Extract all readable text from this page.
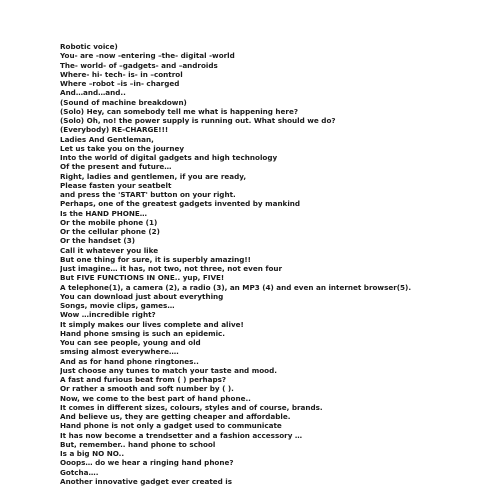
Robotic voice)
You- are -now -entering –the- digital -world
The- world- of –gadgets- and –androids
Where- hi- tech- is- in –control
Where –robot –is –in- charged
And…and…and..
(Sound of machine breakdown)
(Solo) Hey, can somebody tell me what is happening here?
(Solo) Oh, no! the power supply is running out. What should we do?
(Everybody) RE-CHARGE!!!
Ladies And Gentleman,
Let us take you on the journey
Into the world of digital gadgets and high technology
Of the present and future…
Right, ladies and gentlemen, if you are ready,
Please fasten your seatbelt
and press the 'START' button on your right.
Perhaps, one of the greatest gadgets invented by mankind
Is the HAND PHONE…
Or the mobile phone (1)
Or the cellular phone (2)
Or the handset (3)
Call it whatever you like
But one thing for sure, it is superbly amazing!!
Just imagine… it has, not two, not three, not even four
But FIVE FUNCTIONS IN ONE.. yup, FIVE!
A telephone(1), a camera (2), a radio (3), an MP3 (4) and even an internet browser(5).
You can download just about everything
Songs, movie clips, games…
Wow …incredible right?
It simply makes our lives complete and alive!
Hand phone smsing is such an epidemic.
You can see people, young and old
smsing almost everywhere….
And as for hand phone ringtones..
Just choose any tunes to match your taste and mood.
A fast and furious beat from ( ) perhaps?
Or rather a smooth and soft number by ( ).
Now, we come to the best part of hand phone..
It comes in different sizes, colours, styles and of course, brands.
And believe us, they are getting cheaper and affordable.
Hand phone is not only a gadget used to communicate
It has now become a trendsetter and a fashion accessory …
But, remember.. hand phone to school
Is a big NO NO..
Ooops… do we hear a ringing hand phone?
Gotcha….
Another innovative gadget ever created is
